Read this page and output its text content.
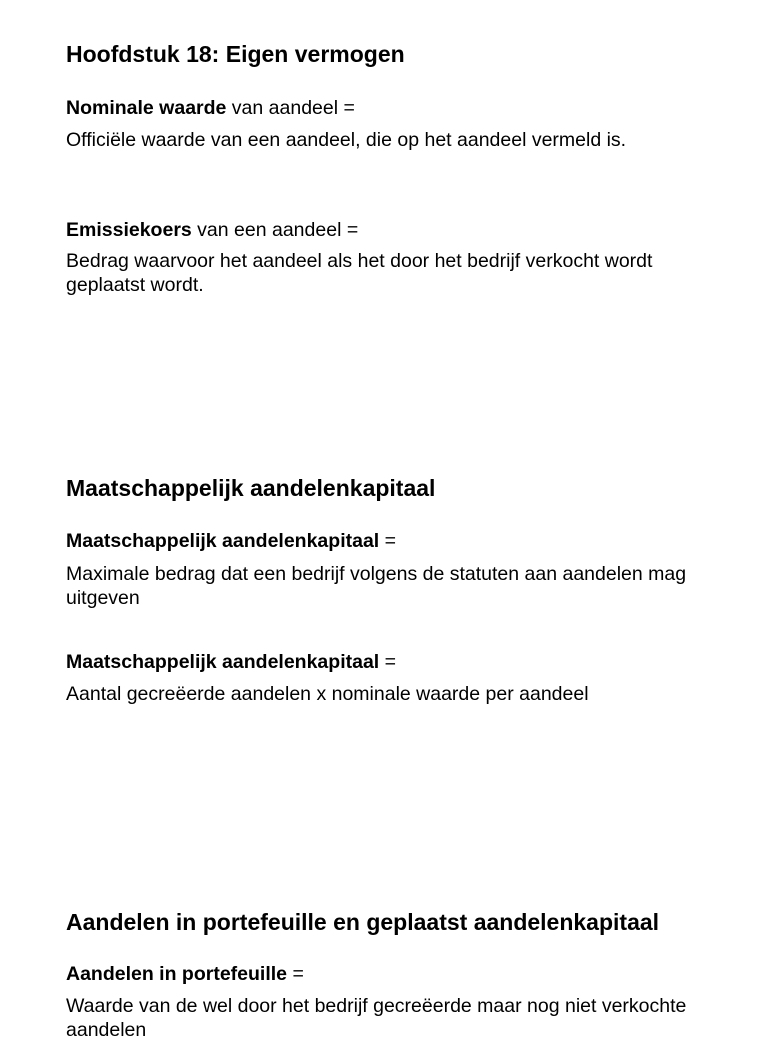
Hoofdstuk 18: Eigen vermogen
Nominale waarde van aandeel =
Officiële waarde van een aandeel, die op het aandeel vermeld is.
Emissiekoers van een aandeel =
Bedrag waarvoor het aandeel als het door het bedrijf verkocht wordt geplaatst wordt.
Maatschappelijk aandelenkapitaal
Maatschappelijk aandelenkapitaal =
Maximale bedrag dat een bedrijf volgens de statuten aan aandelen mag uitgeven
Maatschappelijk aandelenkapitaal =
Aantal gecreëerde aandelen x nominale waarde per aandeel
Aandelen in portefeuille en geplaatst aandelenkapitaal
Aandelen in portefeuille =
Waarde van de wel door het bedrijf gecreëerde maar nog niet verkochte aandelen
